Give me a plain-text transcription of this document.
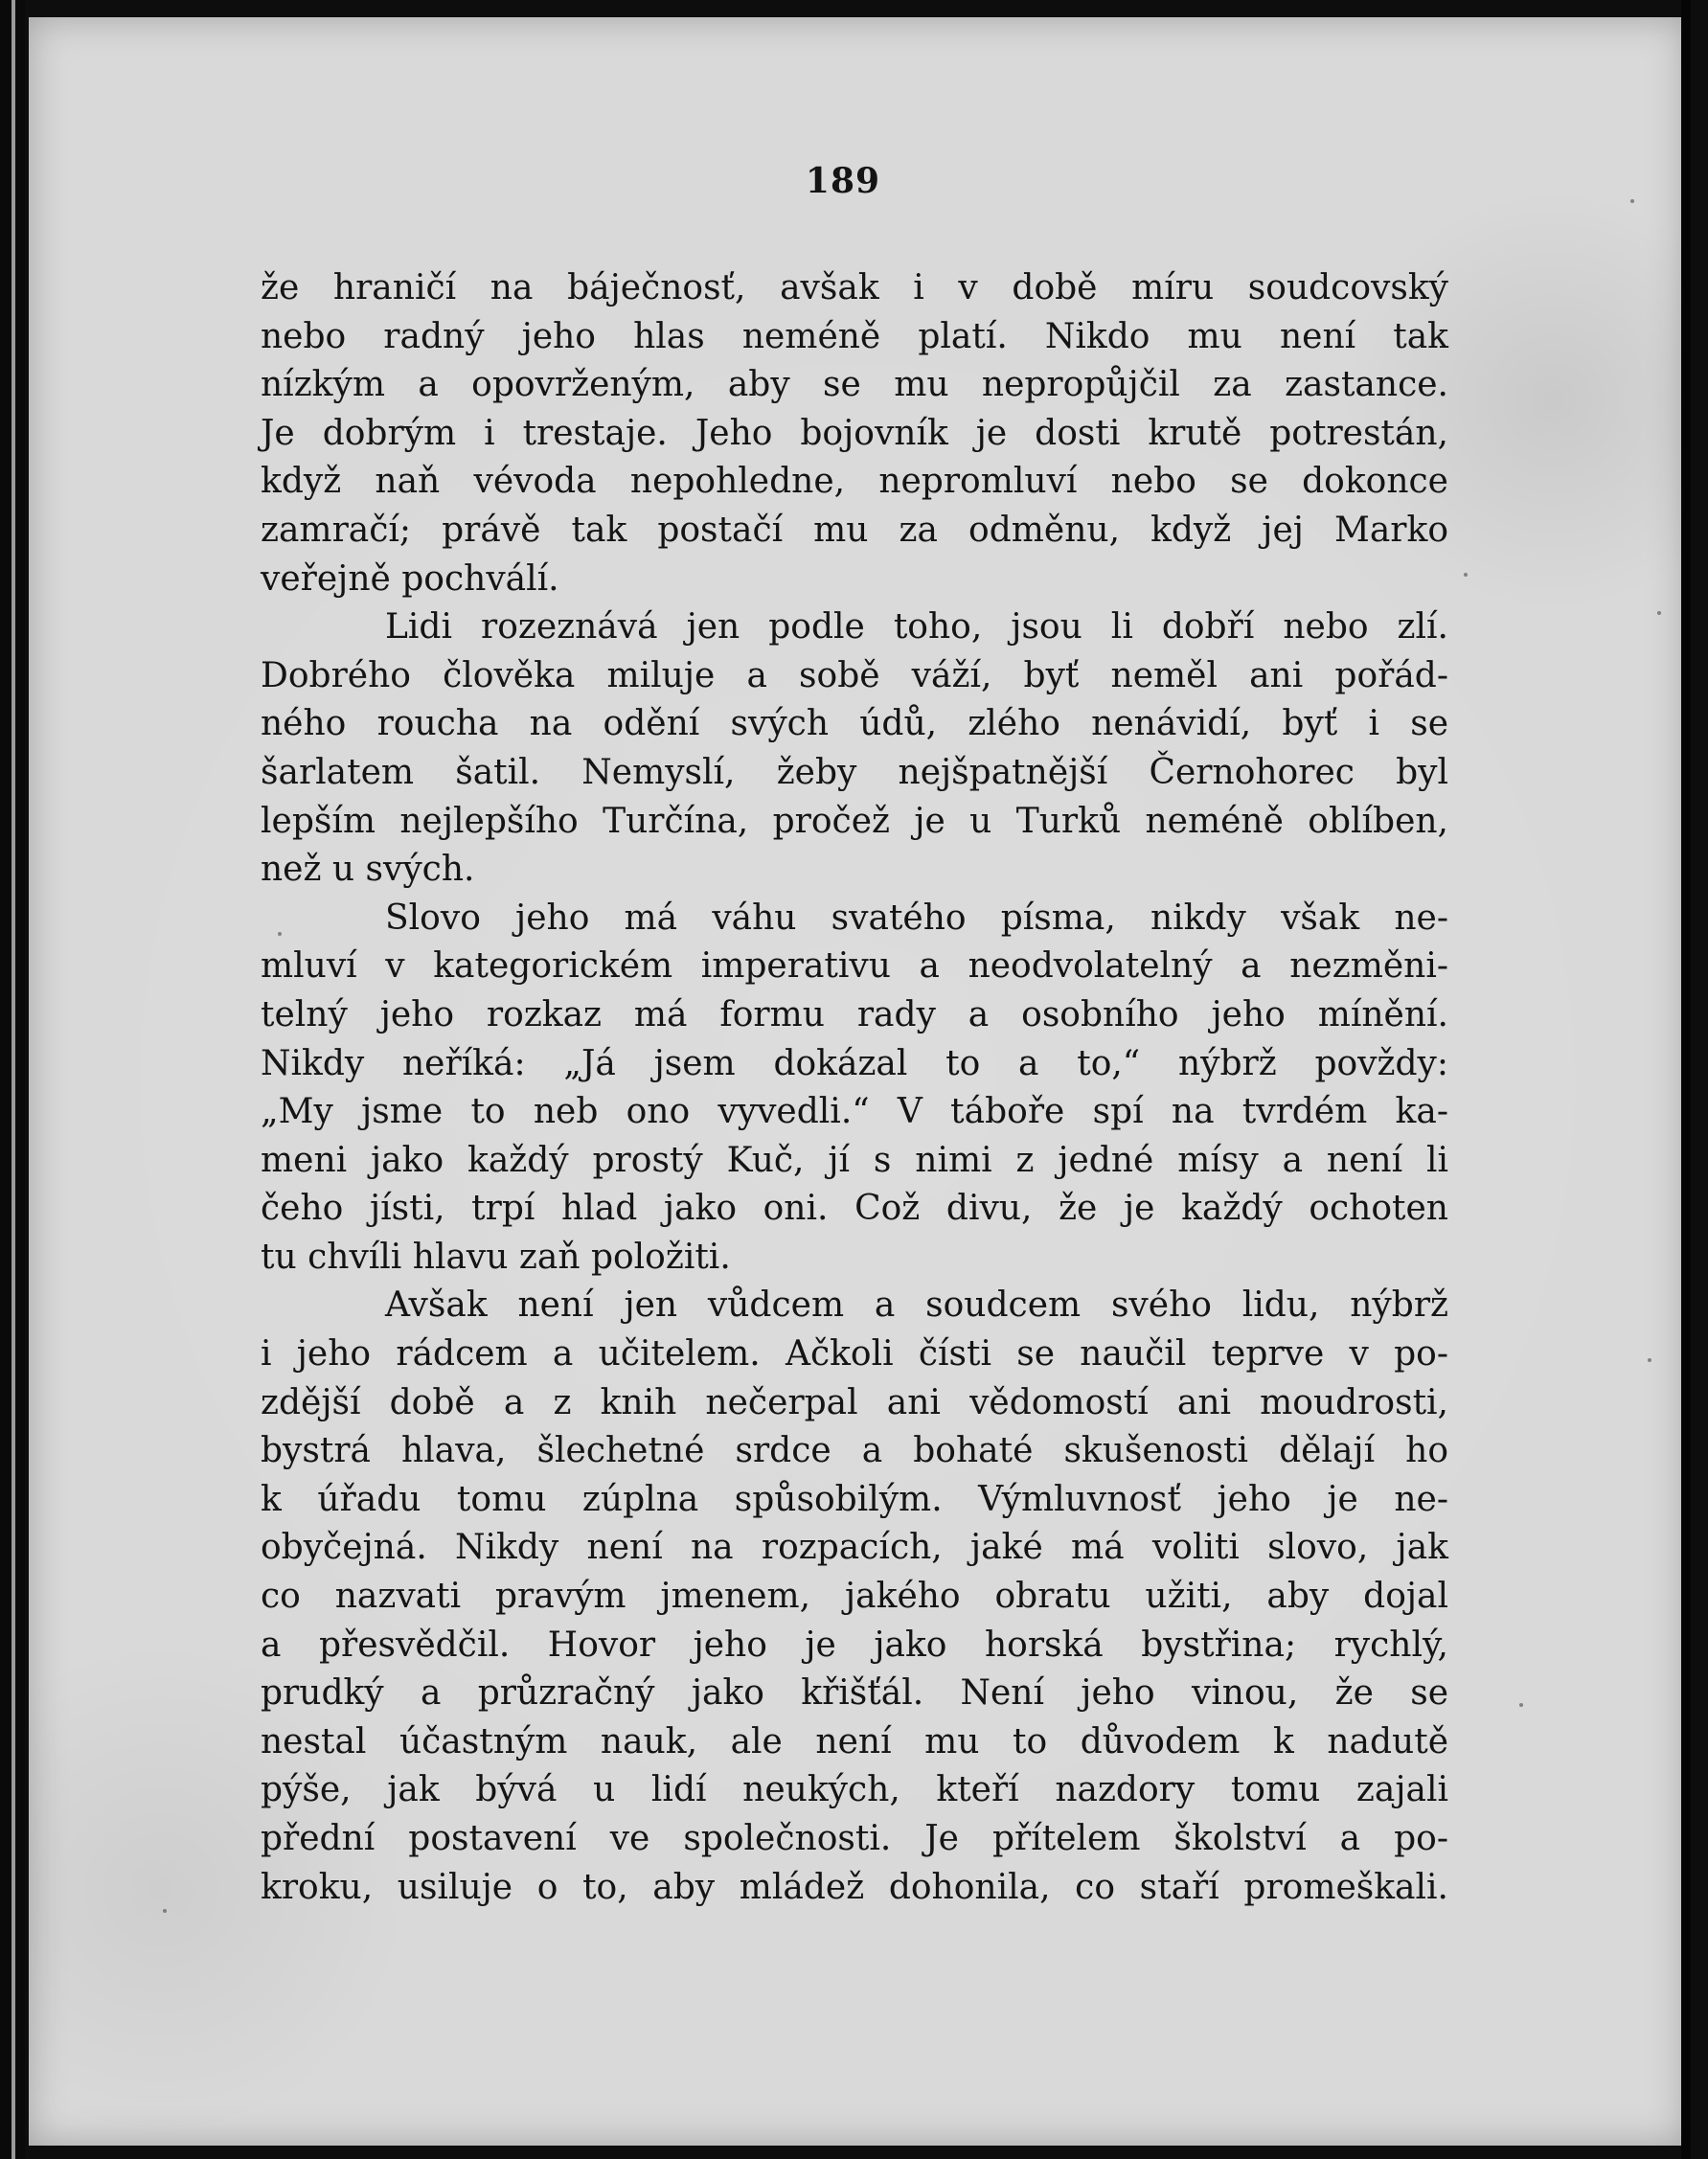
189
že hraničí na báječnosť, avšak i v době míru soudcovský
nebo radný jeho hlas neméně platí. Nikdo mu není tak
nízkým a opovrženým, aby se mu nepropůjčil za zastance.
Je dobrým i trestaje. Jeho bojovník je dosti krutě potrestán,
když naň vévoda nepohledne, nepromluví nebo se dokonce
zamračí; právě tak postačí mu za odměnu, když jej Marko
veřejně pochválí.
Lidi rozeznává jen podle toho, jsou li dobří nebo zlí.
Dobrého člověka miluje a sobě váží, byť neměl ani pořád-
ného roucha na odění svých údů, zlého nenávidí, byť i se
šarlatem šatil. Nemyslí, žeby nejšpatnější Černohorec byl
lepším nejlepšího Turčína, pročež je u Turků neméně oblíben,
než u svých.
Slovo jeho má váhu svatého písma, nikdy však ne-
mluví v kategorickém imperativu a neodvolatelný a nezměni-
telný jeho rozkaz má formu rady a osobního jeho mínění.
Nikdy neříká: „Já jsem dokázal to a to,“ nýbrž povždy:
„My jsme to neb ono vyvedli.“ V táboře spí na tvrdém ka-
meni jako každý prostý Kuč, jí s nimi z jedné mísy a není li
čeho jísti, trpí hlad jako oni. Což divu, že je každý ochoten
tu chvíli hlavu zaň položiti.
Avšak není jen vůdcem a soudcem svého lidu, nýbrž
i jeho rádcem a učitelem. Ačkoli čísti se naučil teprve v po-
zdější době a z knih nečerpal ani vědomostí ani moudrosti,
bystrá hlava, šlechetné srdce a bohaté skušenosti dělají ho
k úřadu tomu zúplna spůsobilým. Výmluvnosť jeho je ne-
obyčejná. Nikdy není na rozpacích, jaké má voliti slovo, jak
co nazvati pravým jmenem, jakého obratu užiti, aby dojal
a přesvědčil. Hovor jeho je jako horská bystřina; rychlý,
prudký a průzračný jako křišťál. Není jeho vinou, že se
nestal účastným nauk, ale není mu to důvodem k nadutě
pýše, jak bývá u lidí neukých, kteří nazdory tomu zajali
přední postavení ve společnosti. Je přítelem školství a po-
kroku, usiluje o to, aby mládež dohonila, co staří promeškali.
